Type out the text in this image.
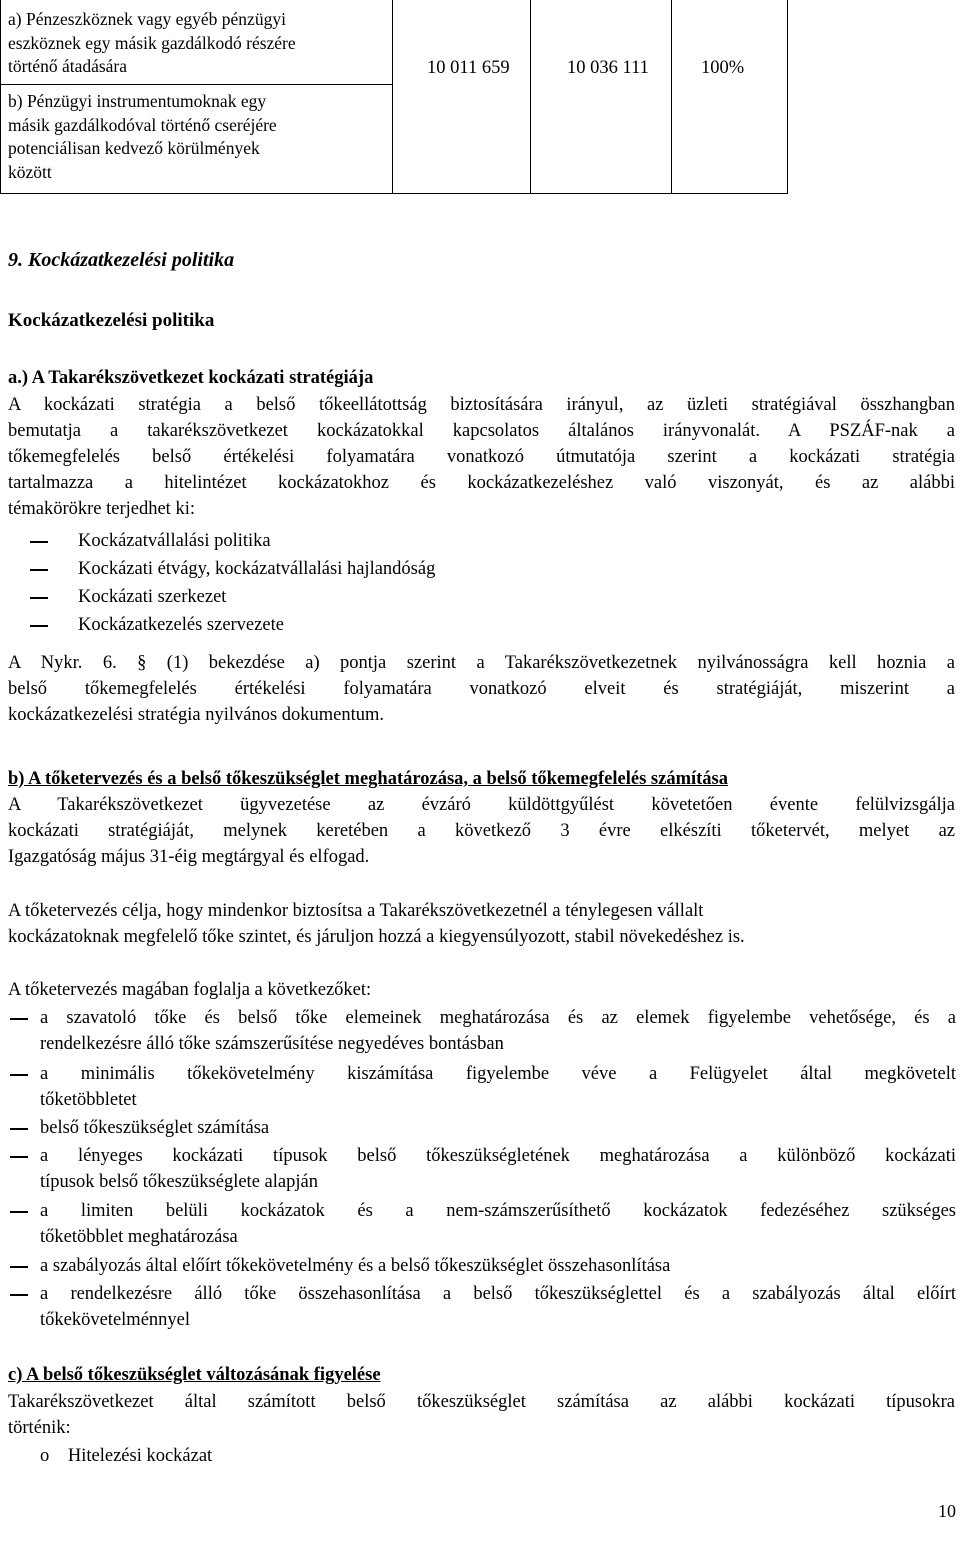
a) Pénzeszköznek vagy egyéb pénzügyi
eszköznek egy másik gazdálkodó részére
történő átadására
b) Pénzügyi instrumentumoknak egy
másik gazdálkodóval történő cseréjére
potenciálisan kedvező körülmények
között
10 011 659	10 036 111	100%
9. Kockázatkezelési politika
Kockázatkezelési politika
a.) A Takarékszövetkezet kockázati stratégiája
A kockázati stratégia a belső tőkeellátottság biztosítására irányul, az üzleti stratégiával összhangban
bemutatja a takarékszövetkezet kockázatokkal kapcsolatos általános irányvonalát. A PSZÁF-nak a
tőkemegfelelés belső értékelési folyamatára vonatkozó útmutatója szerint a kockázati stratégia
tartalmazza a hitelintézet kockázatokhoz és kockázatkezeléshez való viszonyát, és az alábbi
témakörökre terjedhet ki:
Kockázatvállalási politika
Kockázati étvágy, kockázatvállalási hajlandóság
Kockázati szerkezet
Kockázatkezelés szervezete
A Nykr. 6. § (1) bekezdése a) pontja szerint a Takarékszövetkezetnek nyilvánosságra kell hoznia a
belső tőkemegfelelés értékelési folyamatára vonatkozó elveit és stratégiáját, miszerint a
kockázatkezelési stratégia nyilvános dokumentum.
b) A tőketervezés és a belső tőkeszükséglet meghatározása, a belső tőkemegfelelés számítása
A Takarékszövetkezet ügyvezetése az évzáró küldöttgyűlést követetően évente felülvizsgálja
kockázati stratégiáját, melynek keretében a következő 3 évre elkészíti tőketervét, melyet az
Igazgatóság május 31-éig megtárgyal és elfogad.
A tőketervezés célja, hogy mindenkor biztosítsa a Takarékszövetkezetnél a ténylegesen vállalt
kockázatoknak megfelelő tőke szintet, és járuljon hozzá a kiegyensúlyozott, stabil növekedéshez is.
A tőketervezés magában foglalja a következőket:
a szavatoló tőke és belső tőke elemeinek meghatározása és az elemek figyelembe vehetősége, és a
rendelkezésre álló tőke számszerűsítése negyedéves bontásban
a minimális tőkekövetelmény kiszámítása figyelembe véve a Felügyelet által megkövetelt
tőketöbbletet
belső tőkeszükséglet számítása
a lényeges kockázati típusok belső tőkeszükségletének meghatározása a különböző kockázati
típusok belső tőkeszükséglete alapján
a limiten belüli kockázatok és a nem-számszerűsíthető kockázatok fedezéséhez szükséges
tőketöbblet meghatározása
a szabályozás által előírt tőkekövetelmény és a belső tőkeszükséglet összehasonlítása
a rendelkezésre álló tőke összehasonlítása a belső tőkeszükséglettel és a szabályozás által előírt
tőkekövetelménnyel
c) A belső tőkeszükséglet változásának figyelése
Takarékszövetkezet által számított belső tőkeszükséglet számítása az alábbi kockázati típusokra
történik:
o Hitelezési kockázat
10
